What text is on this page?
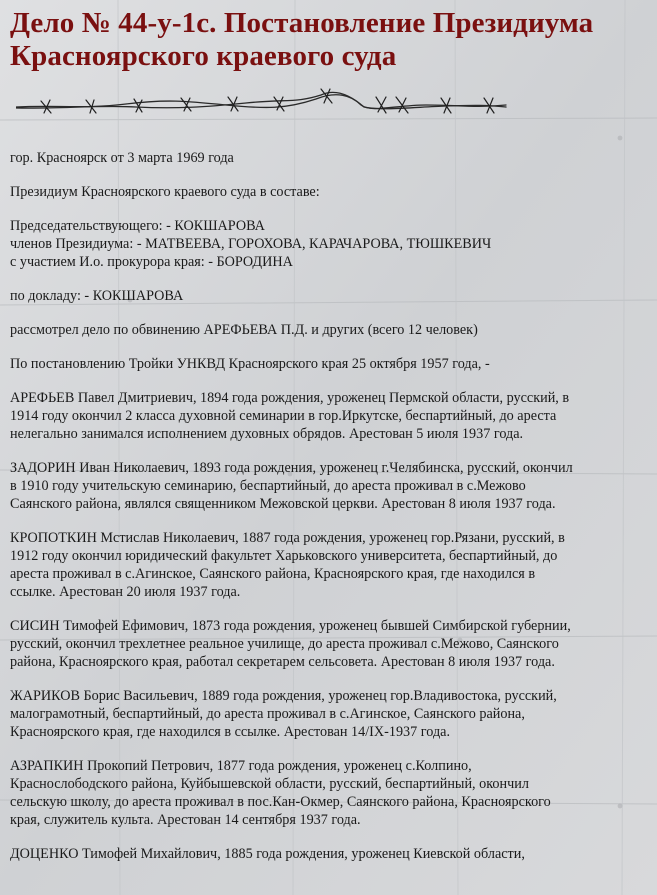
Дело № 44-у-1с. Постановление Президиума Красноярского краевого суда

гор. Красноярск от 3 марта 1969 года

Президиум Красноярского краевого суда в составе:

Председательствующего: - КОКШАРОВА
членов Президиума: - МАТВЕЕВА, ГОРОХОВА, КАРАЧАРОВА, ТЮШКЕВИЧ
с участием И.о. прокурора края: - БОРОДИНА

по докладу: - КОКШАРОВА

рассмотрел дело по обвинению АРЕФЬЕВА П.Д. и других (всего 12 человек)

По постановлению Тройки УНКВД Красноярского края 25 октября 1957 года, -

АРЕФЬЕВ Павел Дмитриевич, 1894 года рождения, уроженец Пермской области, русский, в
1914 году окончил 2 класса духовной семинарии в гор.Иркутске, беспартийный, до ареста
нелегально занимался исполнением духовных обрядов. Арестован 5 июля 1937 года.

ЗАДОРИН Иван Николаевич, 1893 года рождения, уроженец г.Челябинска, русский, окончил
в 1910 году учительскую семинарию, беспартийный, до ареста проживал в с.Межово
Саянского района, являлся священником Межовской церкви. Арестован 8 июля 1937 года.

КРОПОТКИН Мстислав Николаевич, 1887 года рождения, уроженец гор.Рязани, русский, в
1912 году окончил юридический факультет Харьковского университета, беспартийный, до
ареста проживал в с.Агинское, Саянского района, Красноярского края, где находился в
ссылке. Арестован 20 июля 1937 года.

СИСИН Тимофей Ефимович, 1873 года рождения, уроженец бывшей Симбирской губернии,
русский, окончил трехлетнее реальное училище, до ареста проживал с.Межово, Саянского
района, Красноярского края, работал секретарем сельсовета. Арестован 8 июля 1937 года.

ЖАРИКОВ Борис Васильевич, 1889 года рождения, уроженец гор.Владивостока, русский,
малограмотный, беспартийный, до ареста проживал в с.Агинское, Саянского района,
Красноярского края, где находился в ссылке. Арестован 14/IX-1937 года.

АЗРАПКИН Прокопий Петрович, 1877 года рождения, уроженец с.Колпино,
Краснослободского района, Куйбышевской области, русский, беспартийный, окончил
сельскую школу, до ареста проживал в пос.Кан-Окмер, Саянского района, Красноярского
края, служитель культа. Арестован 14 сентября 1937 года.

ДОЦЕНКО Тимофей Михайлович, 1885 года рождения, уроженец Киевской области,
